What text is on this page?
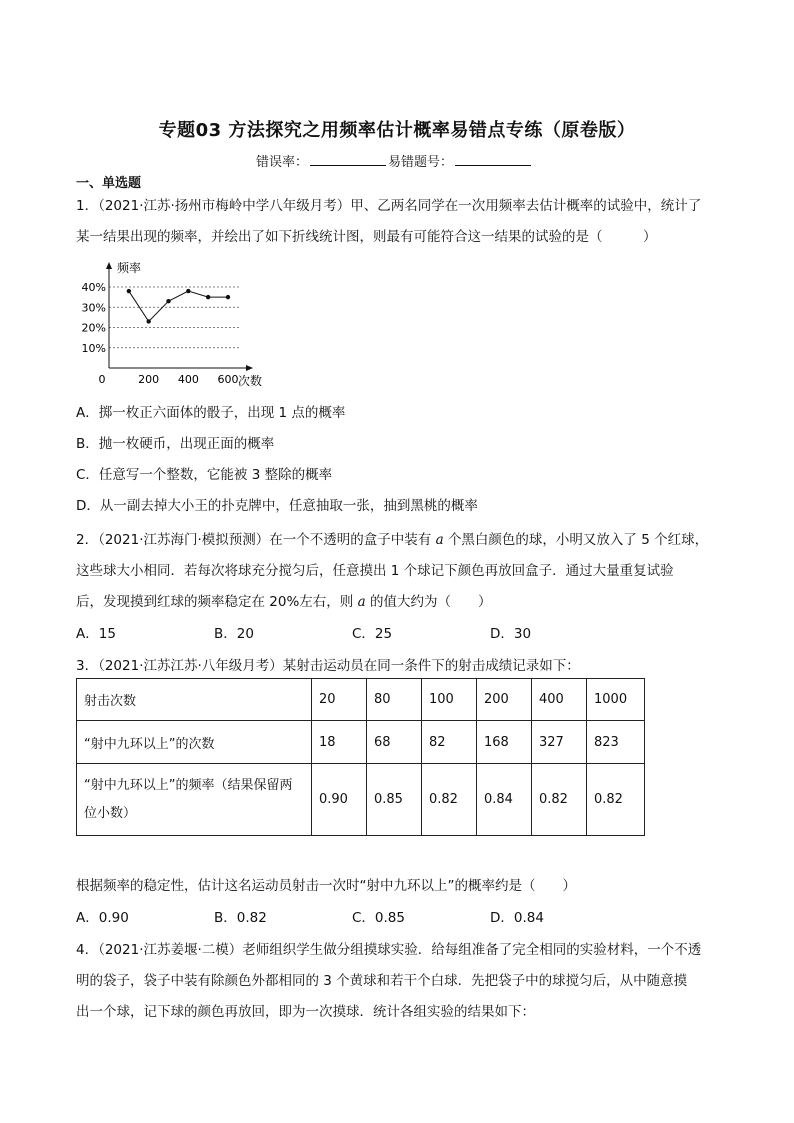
专题03 方法探究之用频率估计概率易错点专练（原卷版）
错误率：	易错题号：
一、单选题
1．（2021·江苏·扬州市梅岭中学八年级月考）甲、乙两名同学在一次用频率去估计概率的试验中，统计了
某一结果出现的频率，并绘出了如下折线统计图，则最有可能符合这一结果的试验的是（　　　）
10%
20%
30%
40%
频率
0	200 400 600 次数
A．掷一枚正六面体的骰子，出现 1 点的概率
B．抛一枚硬币，出现正面的概率
C．任意写一个整数，它能被 3 整除的概率
D．从一副去掉大小王的扑克牌中，任意抽取一张，抽到黑桃的概率
2．（2021·江苏海门·模拟预测）在一个不透明的盒子中装有 a 个黑白颜色的球，小明又放入了 5 个红球，
这些球大小相同．若每次将球充分搅匀后，任意摸出 1 个球记下颜色再放回盒子．通过大量重复试验
后，发现摸到红球的频率稳定在 20%左右，则 a 的值大约为（　　）
A．15	B．20	C．25	D．30
3．（2021·江苏江苏·八年级月考）某射击运动员在同一条件下的射击成绩记录如下：
射击次数	20	80	100	200	400	1000
“射中九环以上”的次数	18	68	82	168	327	823
“射中九环以上”的频率（结果保留两位小数）	0.90	0.85	0.82	0.84	0.82	0.82
根据频率的稳定性，估计这名运动员射击一次时“射中九环以上”的概率约是（　　）
A．0.90	B．0.82	C．0.85	D．0.84
4．（2021·江苏姜堰·二模）老师组织学生做分组摸球实验．给每组准备了完全相同的实验材料，一个不透
明的袋子，袋子中装有除颜色外都相同的 3 个黄球和若干个白球．先把袋子中的球搅匀后，从中随意摸
出一个球，记下球的颜色再放回，即为一次摸球．统计各组实验的结果如下：
